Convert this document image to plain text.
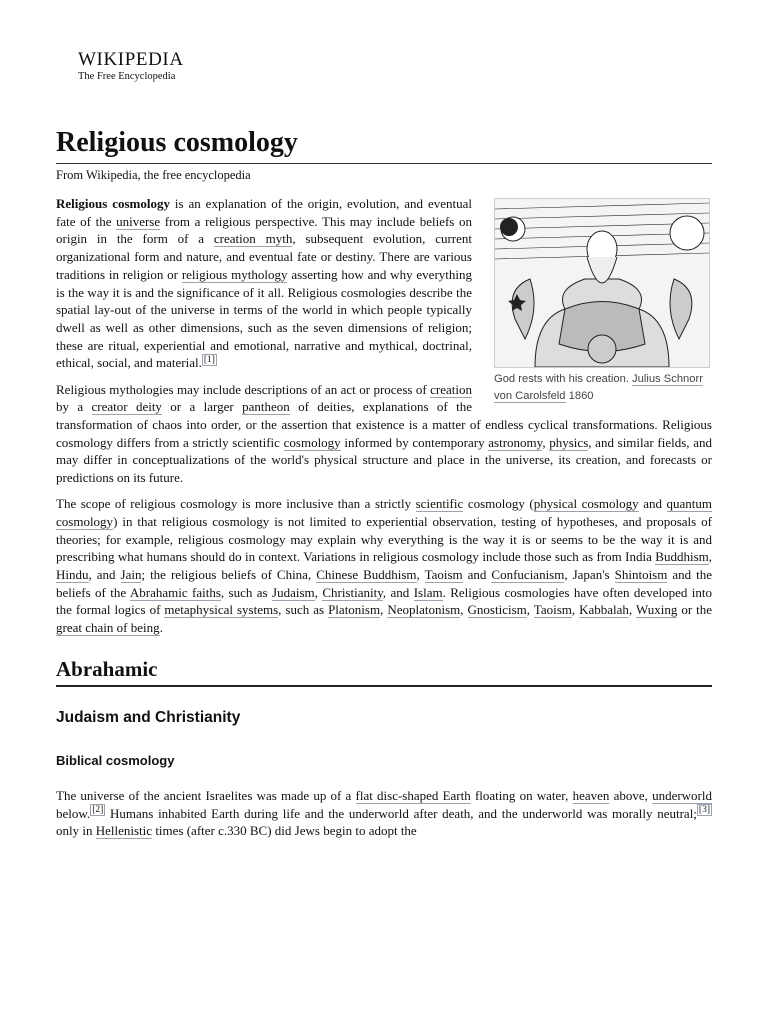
WIKIPEDIA
The Free Encyclopedia
Religious cosmology
From Wikipedia, the free encyclopedia
God rests with his creation. Julius Schnorr von Carolsfeld 1860

Religious cosmology is an explanation of the origin, evolution, and eventual fate of the universe from a religious perspective. This may include beliefs on origin in the form of a creation myth, subsequent evolution, current organizational form and nature, and eventual fate or destiny. There are various traditions in religion or religious mythology asserting how and why everything is the way it is and the significance of it all. Religious cosmologies describe the spatial lay-out of the universe in terms of the world in which people typically dwell as well as other dimensions, such as the seven dimensions of religion; these are ritual, experiential and emotional, narrative and mythical, doctrinal, ethical, social, and material. [1]

Religious mythologies may include descriptions of an act or process of creation by a creator deity or a larger pantheon of deities, explanations of the transformation of chaos into order, or the assertion that existence is a matter of endless cyclical transformations. Religious cosmology differs from a strictly scientific cosmology informed by contemporary astronomy, physics, and similar fields, and may differ in conceptualizations of the world's physical structure and place in the universe, its creation, and forecasts or predictions on its future.

The scope of religious cosmology is more inclusive than a strictly scientific cosmology (physical cosmology and quantum cosmology) in that religious cosmology is not limited to experiential observation, testing of hypotheses, and proposals of theories; for example, religious cosmology may explain why everything is the way it is or seems to be the way it is and prescribing what humans should do in context. Variations in religious cosmology include those such as from India Buddhism, Hindu, and Jain; the religious beliefs of China, Chinese Buddhism, Taoism and Confucianism, Japan's Shintoism and the beliefs of the Abrahamic faiths, such as Judaism, Christianity, and Islam. Religious cosmologies have often developed into the formal logics of metaphysical systems, such as Platonism, Neoplatonism, Gnosticism, Taoism, Kabbalah, Wuxing or the great chain of being.

Abrahamic
Judaism and Christianity
Biblical cosmology

The universe of the ancient Israelites was made up of a flat disc-shaped Earth floating on water, heaven above, underworld below. [2] Humans inhabited Earth during life and the underworld after death, and the underworld was morally neutral; [3] only in Hellenistic times (after c.330 BC) did Jews begin to adopt the
